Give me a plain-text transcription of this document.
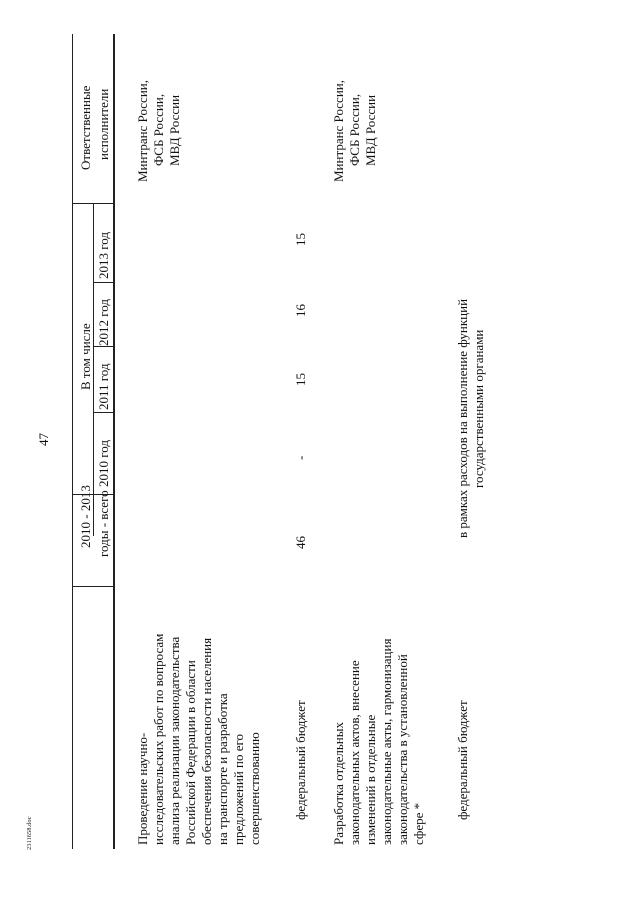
47
2010 - 2013 годы - всего
В том числе
2010 год
2011 год
2012 год
2013 год
Ответственные исполнители
Проведение научно- исследовательских работ по вопросам анализа реализации законодательства Российской Федерации в области обеспечения безопасности населения на транспорте и разработка предложений по его совершенствованию
Минтранс России, ФСБ России, МВД России
федеральный бюджет
46
-
15
16
15
Разработка отдельных законодательных актов, внесение изменений в отдельные законодательные акты, гармонизация законодательства в установленной сфере *
Минтранс России, ФСБ России, МВД России
федеральный бюджет
в рамках расходов на выполнение функций государственными органами
2311658.doc
